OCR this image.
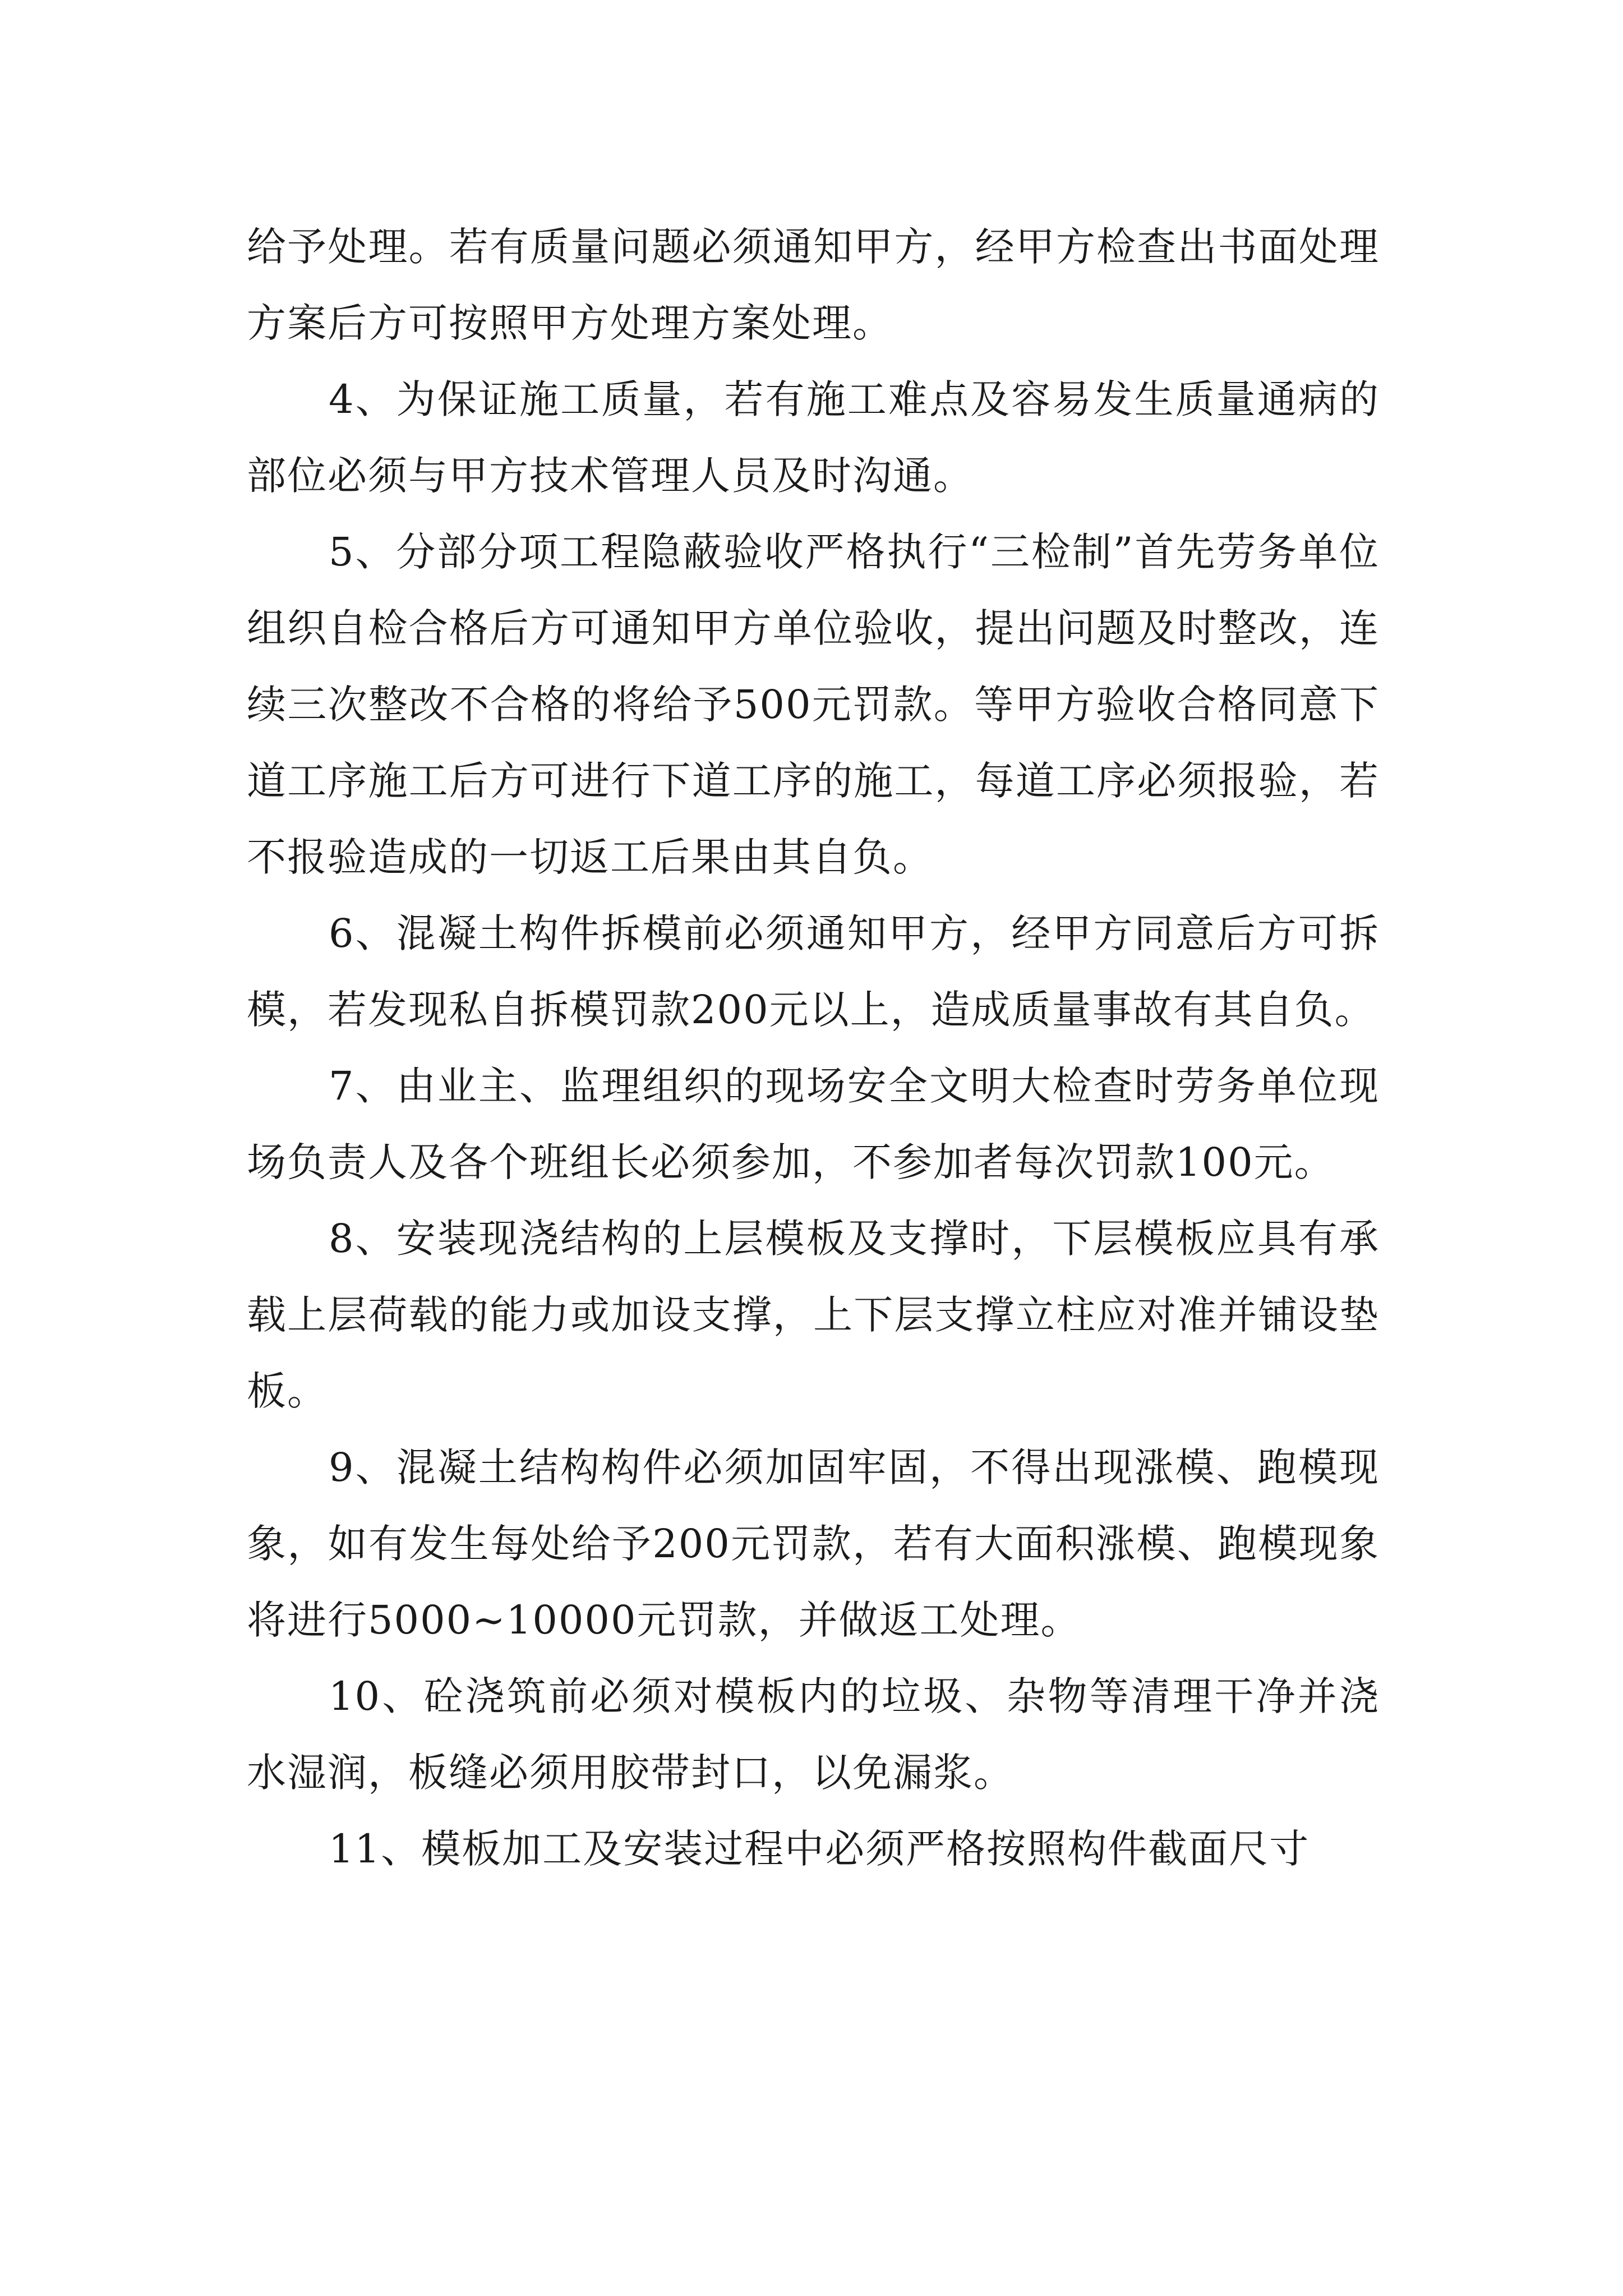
给予处理。若有质量问题必须通知甲方，经甲方检查出书面处理方案后方可按照甲方处理方案处理。

4、为保证施工质量，若有施工难点及容易发生质量通病的部位必须与甲方技术管理人员及时沟通。

5、分部分项工程隐蔽验收严格执行“三检制”首先劳务单位组织自检合格后方可通知甲方单位验收，提出问题及时整改，连续三次整改不合格的将给予500元罚款。等甲方验收合格同意下道工序施工后方可进行下道工序的施工，每道工序必须报验，若不报验造成的一切返工后果由其自负。

6、混凝土构件拆模前必须通知甲方，经甲方同意后方可拆模，若发现私自拆模罚款200元以上，造成质量事故有其自负。

7、由业主、监理组织的现场安全文明大检查时劳务单位现场负责人及各个班组长必须参加，不参加者每次罚款100元。

8、安装现浇结构的上层模板及支撑时，下层模板应具有承载上层荷载的能力或加设支撑，上下层支撑立柱应对准并铺设垫板。

9、混凝土结构构件必须加固牢固，不得出现涨模、跑模现象，如有发生每处给予200元罚款，若有大面积涨模、跑模现象将进行5000~10000元罚款，并做返工处理。

10、砼浇筑前必须对模板内的垃圾、杂物等清理干净并浇水湿润，板缝必须用胶带封口，以免漏浆。

11、模板加工及安装过程中必须严格按照构件截面尺寸
